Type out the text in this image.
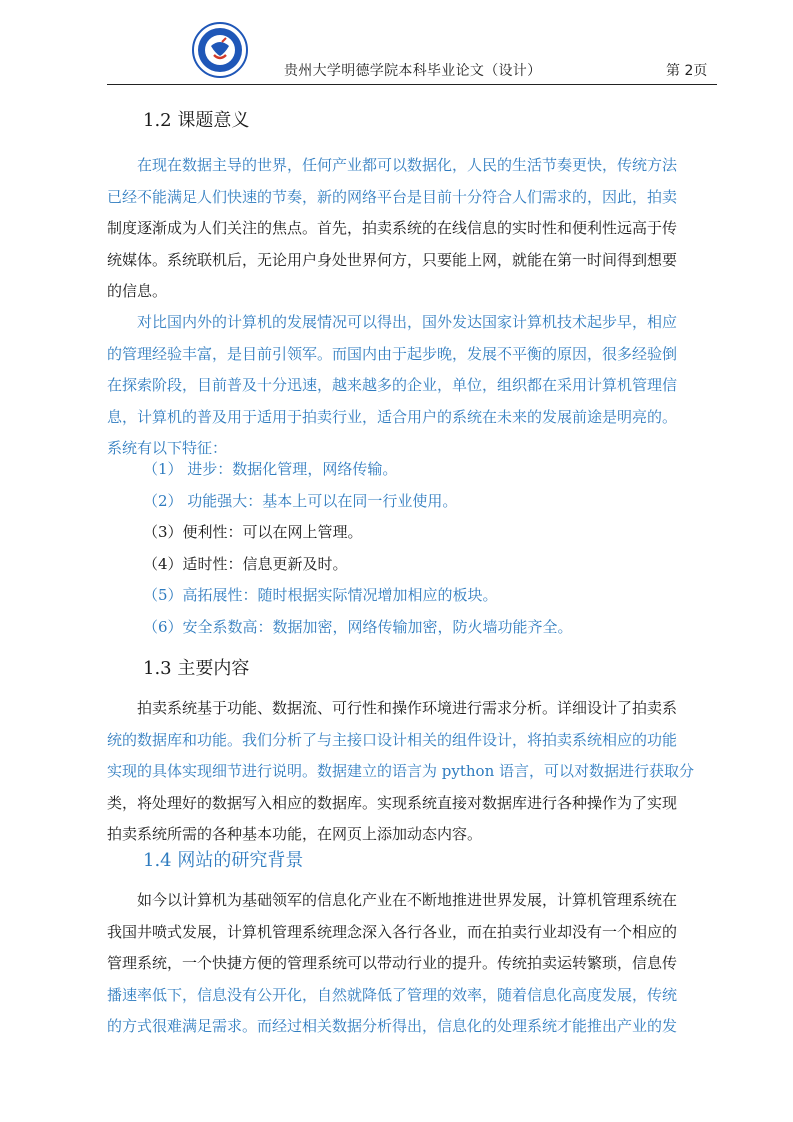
贵州大学明德学院本科毕业论文（设计）	第 2页
1.2 课题意义
　　在现在数据主导的世界，任何产业都可以数据化，人民的生活节奏更快，传统方法
已经不能满足人们快速的节奏，新的网络平台是目前十分符合人们需求的，因此，拍卖
制度逐渐成为人们关注的焦点。首先，拍卖系统的在线信息的实时性和便利性远高于传
统媒体。系统联机后，无论用户身处世界何方，只要能上网，就能在第一时间得到想要
的信息。
　　对比国内外的计算机的发展情况可以得出，国外发达国家计算机技术起步早，相应
的管理经验丰富，是目前引领军。而国内由于起步晚，发展不平衡的原因，很多经验倒
在探索阶段，目前普及十分迅速，越来越多的企业，单位，组织都在采用计算机管理信
息，计算机的普及用于适用于拍卖行业，适合用户的系统在未来的发展前途是明亮的。
系统有以下特征：
（1） 进步：数据化管理，网络传输。
（2） 功能强大：基本上可以在同一行业使用。
（3）便利性：可以在网上管理。
（4）适时性：信息更新及时。
（5）高拓展性：随时根据实际情况增加相应的板块。
（6）安全系数高：数据加密，网络传输加密，防火墙功能齐全。
1.3 主要内容
　　拍卖系统基于功能、数据流、可行性和操作环境进行需求分析。详细设计了拍卖系
统的数据库和功能。我们分析了与主接口设计相关的组件设计，将拍卖系统相应的功能
实现的具体实现细节进行说明。数据建立的语言为 python 语言，可以对数据进行获取分
类，将处理好的数据写入相应的数据库。实现系统直接对数据库进行各种操作为了实现
拍卖系统所需的各种基本功能，在网页上添加动态内容。
1.4 网站的研究背景
　　如今以计算机为基础领军的信息化产业在不断地推进世界发展，计算机管理系统在
我国井喷式发展，计算机管理系统理念深入各行各业，而在拍卖行业却没有一个相应的
管理系统，一个快捷方便的管理系统可以带动行业的提升。传统拍卖运转繁琐，信息传
播速率低下，信息没有公开化，自然就降低了管理的效率，随着信息化高度发展，传统
的方式很难满足需求。而经过相关数据分析得出，信息化的处理系统才能推出产业的发
